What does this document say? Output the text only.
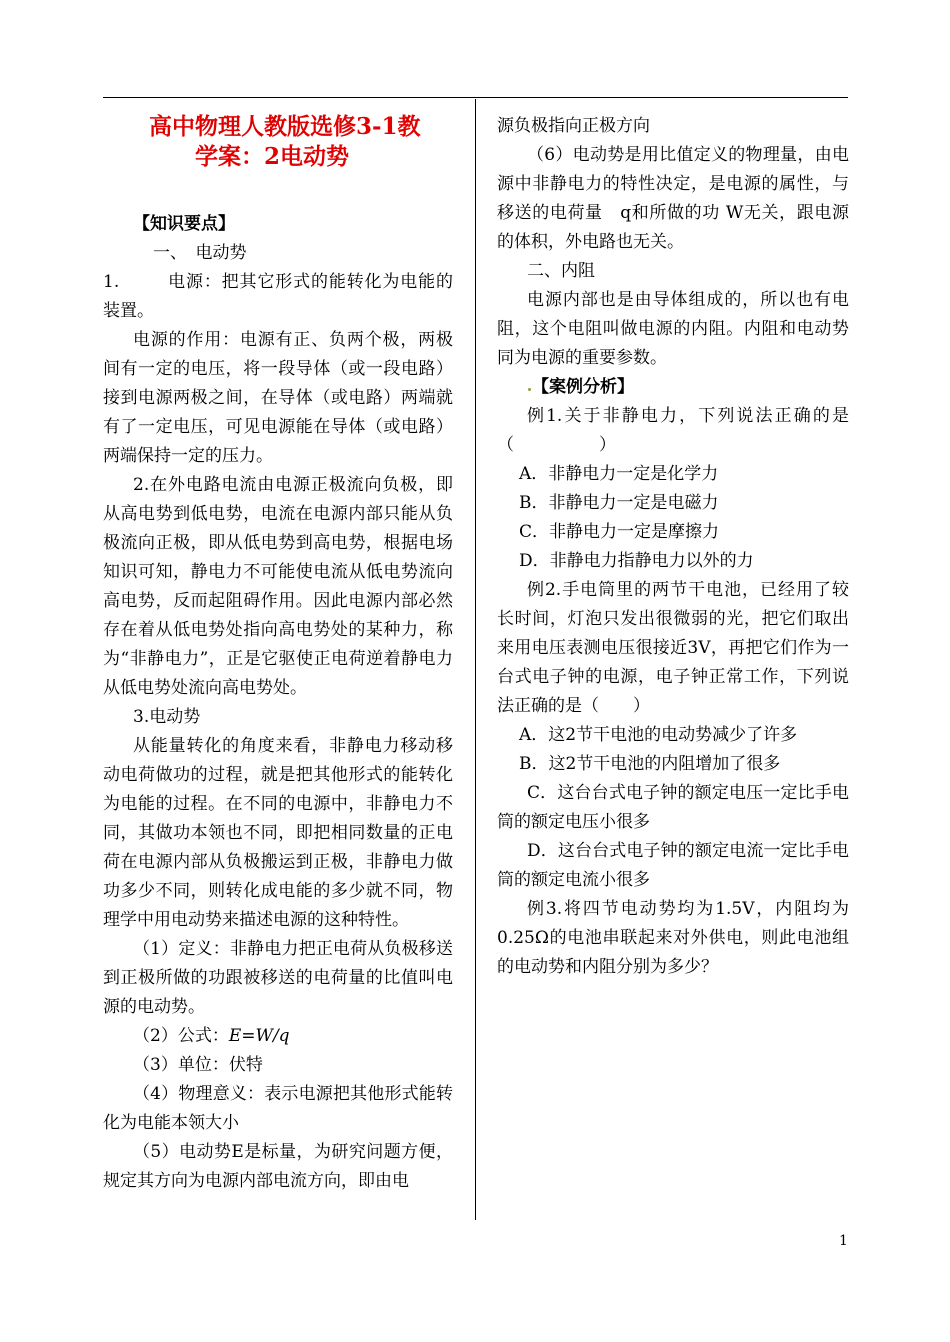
高中物理人教版选修3-1教
学案：2电动势

【知识要点】

一、　电动势

1.	电源：把其它形式的能转化为电能的装置。

电源的作用：电源有正、负两个极，两极间有一定的电压，将一段导体（或一段电路）接到电源两极之间，在导体（或电路）两端就有了一定电压，可见电源能在导体（或电路）两端保持一定的压力。

2.在外电路电流由电源正极流向负极，即从高电势到低电势，电流在电源内部只能从负极流向正极，即从低电势到高电势，根据电场知识可知，静电力不可能使电流从低电势流向高电势，反而起阻碍作用。因此电源内部必然存在着从低电势处指向高电势处的某种力，称为“非静电力”，正是它驱使正电荷逆着静电力从低电势处流向高电势处。

3.电动势

从能量转化的角度来看，非静电力移动移动电荷做功的过程，就是把其他形式的能转化为电能的过程。在不同的电源中，非静电力不同，其做功本领也不同，即把相同数量的正电荷在电源内部从负极搬运到正极，非静电力做功多少不同，则转化成电能的多少就不同，物理学中用电动势来描述电源的这种特性。

（1）定义：非静电力把正电荷从负极移送到正极所做的功跟被移送的电荷量的比值叫电源的电动势。

（2）公式：E=W/q

（3）单位：伏特

（4）物理意义：表示电源把其他形式能转化为电能本领大小

（5）电动势E是标量，为研究问题方便，规定其方向为电源内部电流方向，即由电

源负极指向正极方向

（6）电动势是用比值定义的物理量，由电源中非静电力的特性决定，是电源的属性，与移送的电荷量　q和所做的功 W无关，跟电源的体积，外电路也无关。

二、内阻

电源内部也是由导体组成的，所以也有电阻，这个电阻叫做电源的内阻。内阻和电动势同为电源的重要参数。

【案例分析】

例1.关于非静电力，下列说法正确的是（　　　　　）

A．非静电力一定是化学力

B．非静电力一定是电磁力

C．非静电力一定是摩擦力

D．非静电力指静电力以外的力

例2.手电筒里的两节干电池，已经用了较长时间，灯泡只发出很微弱的光，把它们取出来用电压表测电压很接近3V，再把它们作为一台式电子钟的电源，电子钟正常工作，下列说法正确的是（　　）

A．这2节干电池的电动势减少了许多

B．这2节干电池的内阻增加了很多

C．这台台式电子钟的额定电压一定比手电筒的额定电压小很多

D．这台台式电子钟的额定电流一定比手电筒的额定电流小很多

例3.将四节电动势均为1.5V，内阻均为0.25Ω的电池串联起来对外供电，则此电池组的电动势和内阻分别为多少？

1
